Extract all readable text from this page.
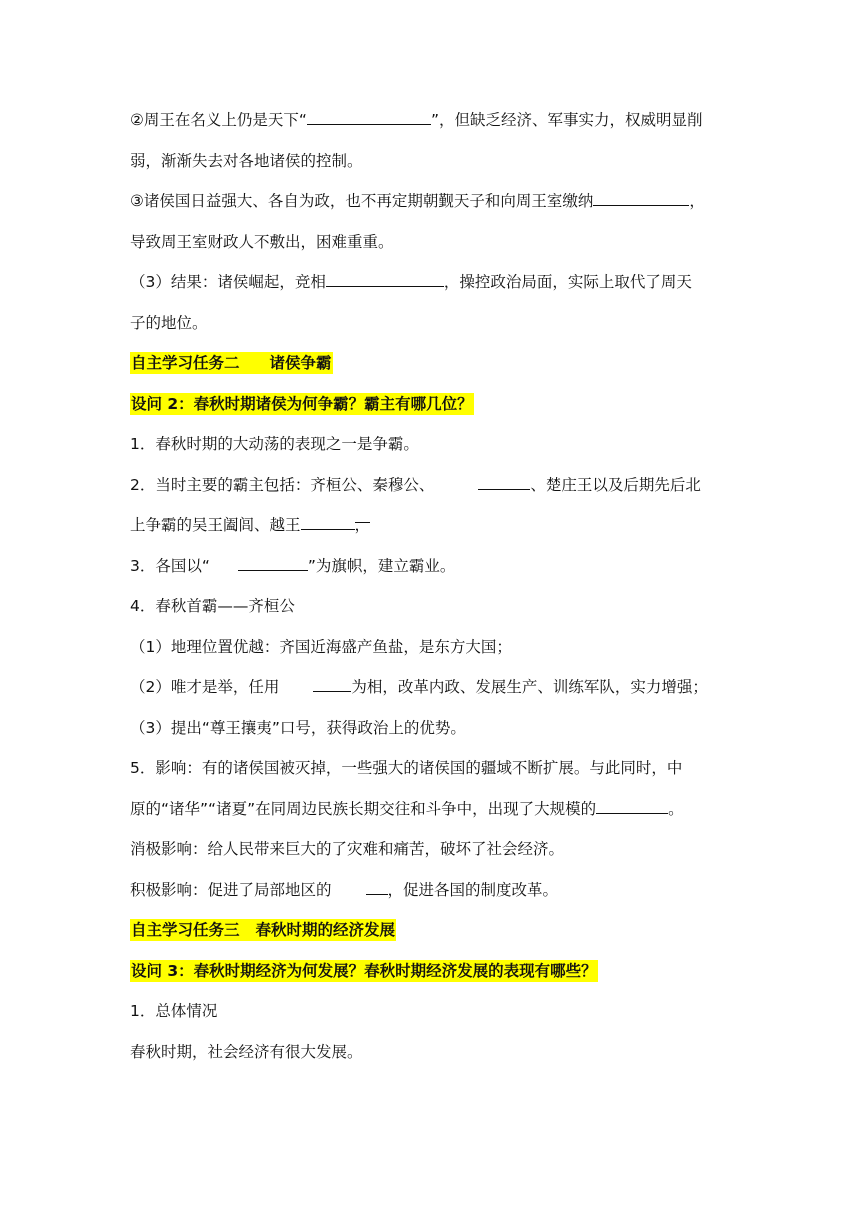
②周王在名义上仍是天下“	”，但缺乏经济、军事实力，权威明显削
弱，渐渐失去对各地诸侯的控制。
③诸侯国日益强大、各自为政，也不再定期朝觐天子和向周王室缴纳	，
导致周王室财政人不敷出，困难重重。
（3）结果：诸侯崛起，竞相	，操控政治局面，实际上取代了周天
子的地位。
自主学习任务二 诸侯争霸
设问 2：春秋时期诸侯为何争霸？霸主有哪几位？
1．春秋时期的大动荡的表现之一是争霸。
2．当时主要的霸主包括：齐桓公、秦穆公、	、楚庄王以及后期先后北
上争霸的吴王阖闾、越王	，
3．各国以“	”为旗帜，建立霸业。
4．春秋首霸——齐桓公
（1）地理位置优越：齐国近海盛产鱼盐，是东方大国；
（2）唯才是举，任用	为相，改革内政、发展生产、训练军队，实力增强；
（3）提出“尊王攘夷”口号，获得政治上的优势。
5．影响：有的诸侯国被灭掉，一些强大的诸侯国的疆域不断扩展。与此同时，中
原的“诸华”“诸夏”在同周边民族长期交往和斗争中，出现了大规模的	。
消极影响：给人民带来巨大的了灾难和痛苦，破坏了社会经济。
积极影响：促进了局部地区的	，促进各国的制度改革。
自主学习任务三 春秋时期的经济发展
设问 3：春秋时期经济为何发展？春秋时期经济发展的表现有哪些？
1．总体情况
春秋时期，社会经济有很大发展。
